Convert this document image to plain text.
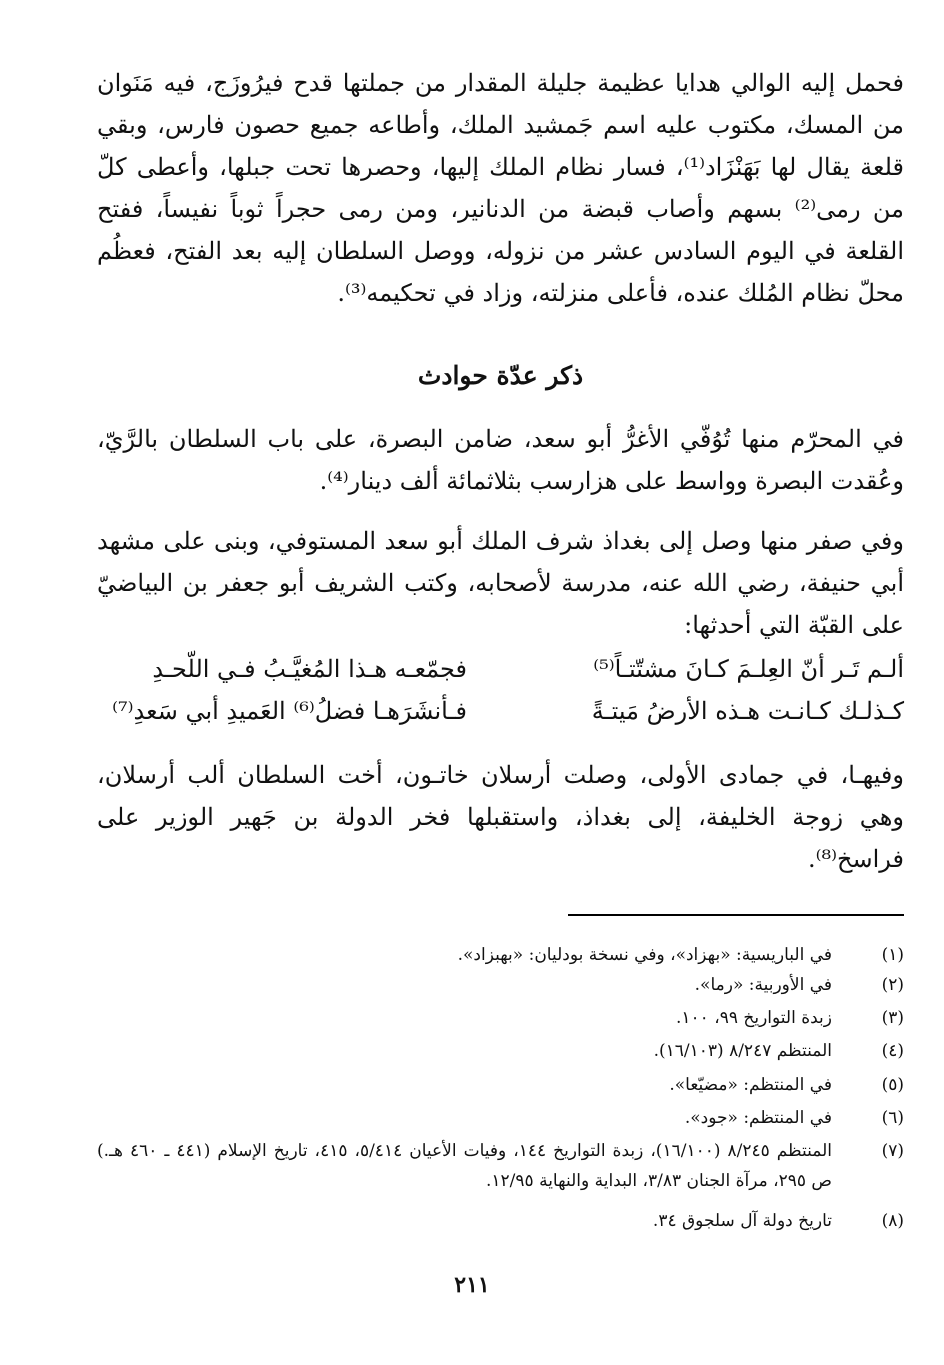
فحمل إليه الوالي هدايا عظيمة جليلة المقدار من جملتها قدح فيرُوزَج، فيه مَنَوان من المسك، مكتوب عليه اسم جَمشيد الملك، وأطاعه جميع حصون فارس، وبقي قلعة يقال لها بَهَنْزَاد⁽¹⁾، فسار نظام الملك إليها، وحصرها تحت جبلها، وأعطى كلّ من رمى⁽²⁾ بسهم وأصاب قبضة من الدنانير، ومن رمى حجراً ثوباً نفيساً، ففتح القلعة في اليوم السادس عشر من نزوله، ووصل السلطان إليه بعد الفتح، فعظُم محلّ نظام المُلك عنده، فأعلى منزلته، وزاد في تحكيمه⁽³⁾.

ذكر عدّة حوادث

في المحرّم منها تُوُفّي الأغرُّ أبو سعد، ضامن البصرة، على باب السلطان بالرَّيّ، وعُقدت البصرة وواسط على هزارسب بثلاثمائة ألف دينار⁽⁴⁾.

وفي صفر منها وصل إلى بغداذ شرف الملك أبو سعد المستوفي، وبنى على مشهد أبي حنيفة، رضي الله عنه، مدرسة لأصحابه، وكتب الشريف أبو جعفر بن البياضيّ على القبّة التي أحدثها:

ألـم تَـر أنّ العِلـمَ كـانَ مشتّتـاً⁽⁵⁾
فجمّعـه هـذا المُغيَّـبُ فـي اللّحـدِ
كـذلـك كـانـت هـذه الأرضُ مَيتـةً
فـأنشَرَهـا فضلُ⁽⁶⁾ العَميدِ أبي سَعدِ⁽⁷⁾

وفيهـا، في جمادى الأولى، وصلت أرسلان خاتـون، أخت السلطان ألب أرسلان، وهي زوجة الخليفة، إلى بغداذ، واستقبلها فخر الدولة بن جَهير الوزير على فراسخ⁽⁸⁾.

(١)
في الباريسية: «بهزاد»، وفي نسخة بودليان: «بهبزاد».
(٢)
في الأوربية: «رما».
(٣)
زبدة التواريخ ٩٩، ١٠٠.
(٤)
المنتظم ٨/٢٤٧ (١٦/١٠٣).
(٥)
في المنتظم: «مضيّعا».
(٦)
في المنتظم: «جود».
(٧)
المنتظم ٨/٢٤٥ (١٦/١٠٠)، زبدة التواريخ ١٤٤، وفيات الأعيان ٥/٤١٤، ٤١٥، تاريخ الإسلام (٤٤١ ـ ٤٦٠ هـ.) ص ٢٩٥، مرآة الجنان ٣/٨٣، البداية والنهاية ١٢/٩٥.
(٨)
تاريخ دولة آل سلجوق ٣٤.
٢١١
